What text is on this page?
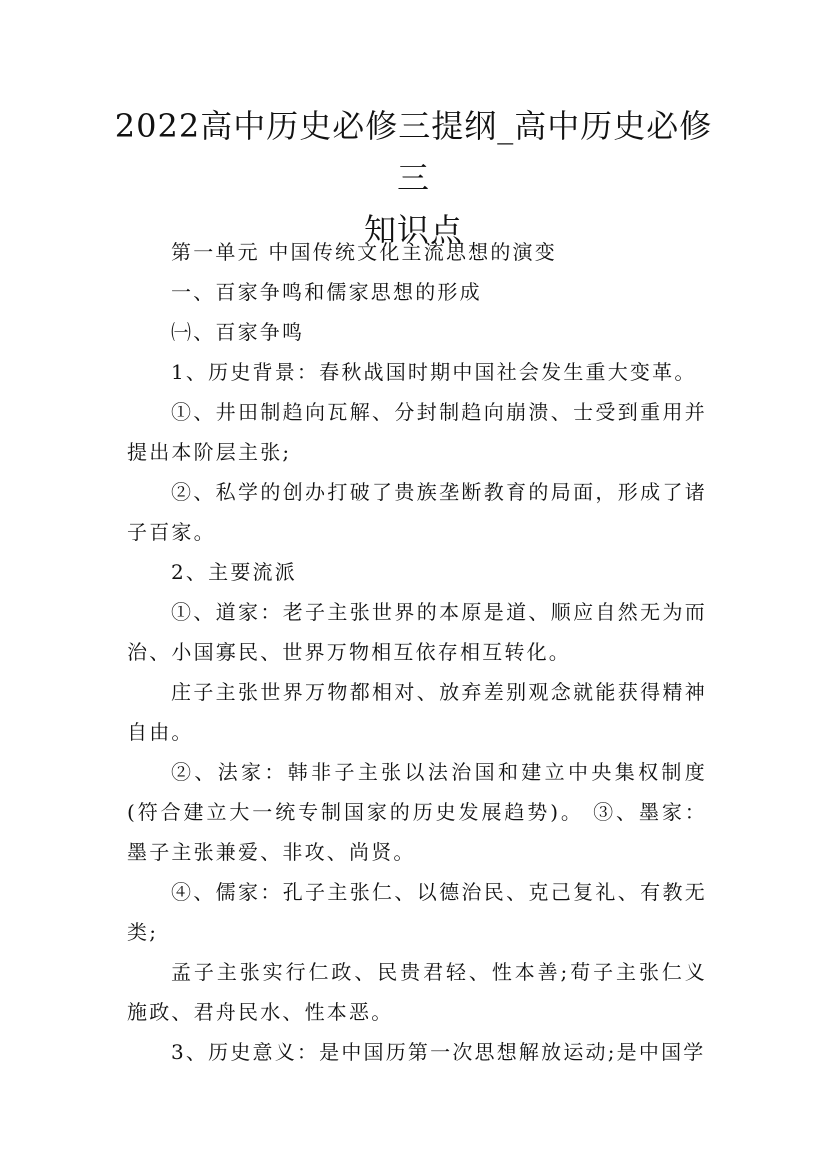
2022高中历史必修三提纲_高中历史必修三
知识点

第一单元 中国传统文化主流思想的演变

一、百家争鸣和儒家思想的形成

㈠、百家争鸣

1、历史背景：春秋战国时期中国社会发生重大变革。

①、井田制趋向瓦解、分封制趋向崩溃、士受到重用并提出本阶层主张;

②、私学的创办打破了贵族垄断教育的局面，形成了诸子百家。

2、主要流派

①、道家：老子主张世界的本原是道、顺应自然无为而治、小国寡民、世界万物相互依存相互转化。

庄子主张世界万物都相对、放弃差别观念就能获得精神自由。

②、法家：韩非子主张以法治国和建立中央集权制度(符合建立大一统专制国家的历史发展趋势)。 ③、墨家：墨子主张兼爱、非攻、尚贤。

④、儒家：孔子主张仁、以德治民、克己复礼、有教无类;

孟子主张实行仁政、民贵君轻、性本善;荀子主张仁义施政、君舟民水、性本恶。

3、历史意义：是中国历第一次思想解放运动;是中国学
